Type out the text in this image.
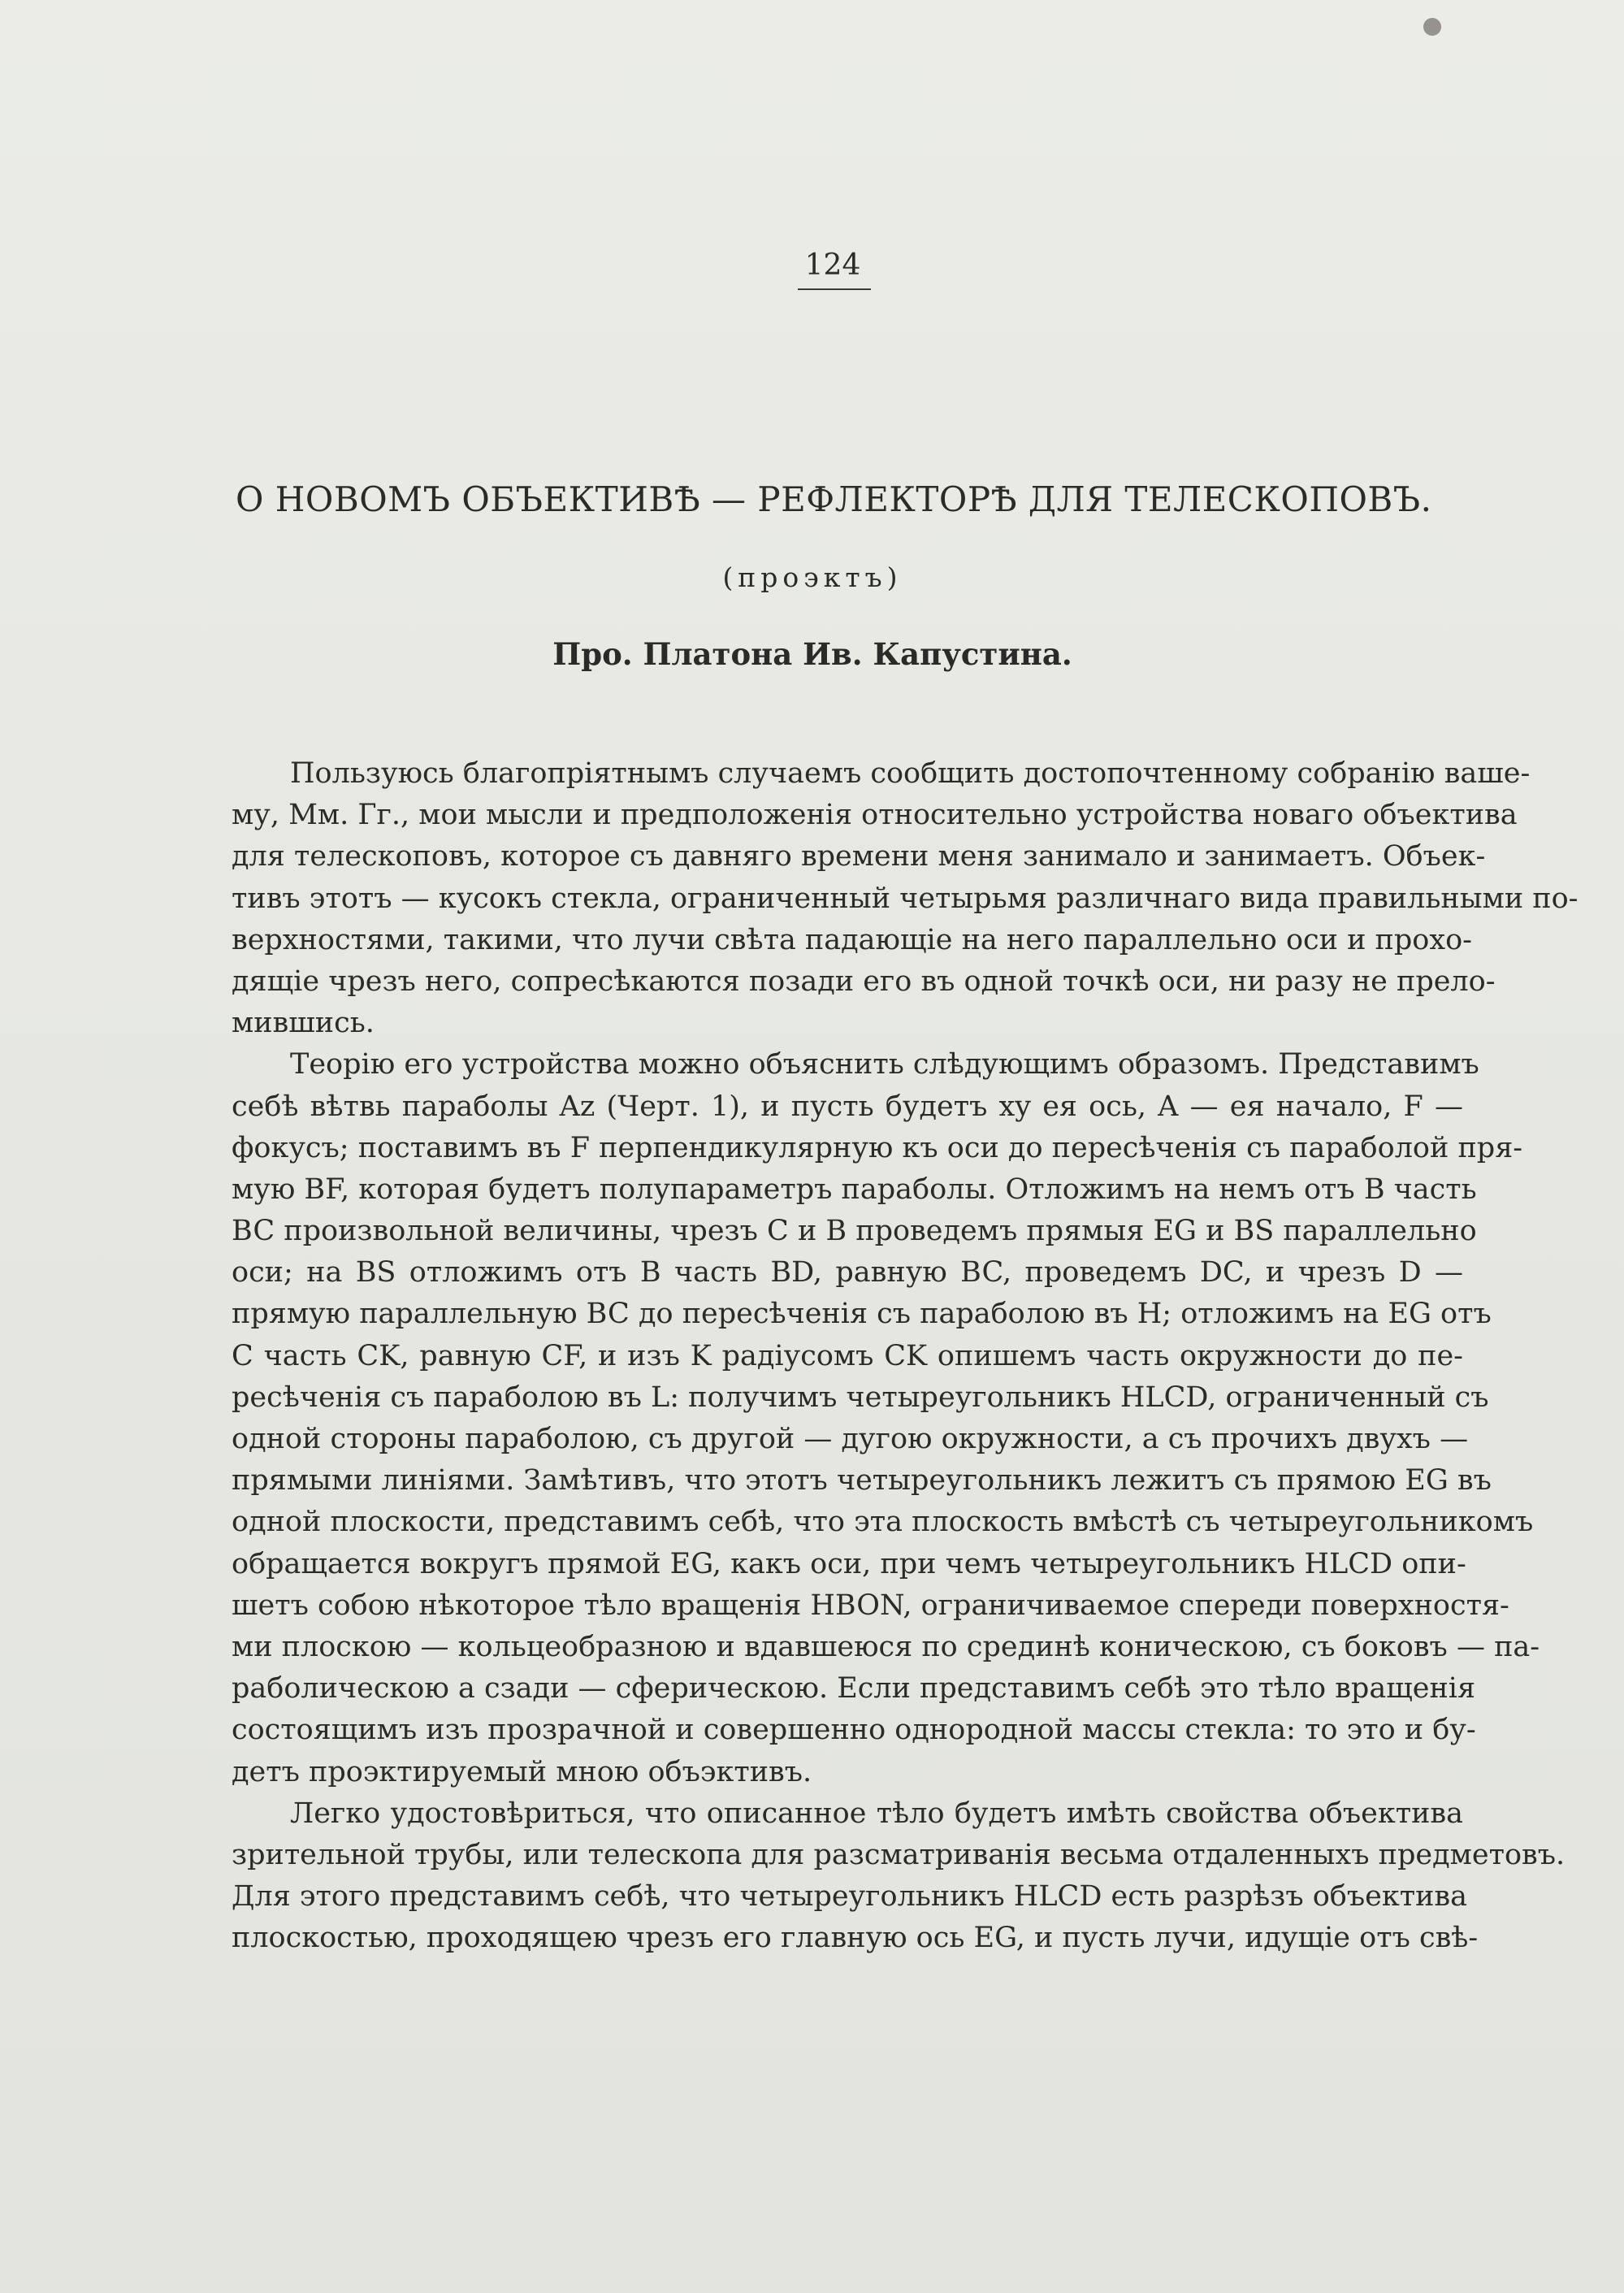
124
О НОВОМЪ ОБЪЕКТИВѢ — РЕФЛЕКТОРѢ ДЛЯ ТЕЛЕСКОПОВЪ.
(проэктъ)
Про. Платона Ив. Капустина.
Пользуюсь благопріятнымъ случаемъ сообщить достопочтенному собранію ваше-
му, Мм. Гг., мои мысли и предположенія относительно устройства новаго объектива
для телескоповъ, которое съ давняго времени меня занимало и занимаетъ. Объек-
тивъ этотъ — кусокъ стекла, ограниченный четырьмя различнаго вида правильными по-
верхностями, такими, что лучи свѣта падающіе на него параллельно оси и прохо-
дящіе чрезъ него, сопресѣкаются позади его въ одной точкѣ оси, ни разу не прело-
мившись.
Теорію его устройства можно объяснить слѣдующимъ образомъ. Представимъ
себѣ вѣтвь параболы Az (Черт. 1), и пусть будетъ xy ея ось, A — ея начало, F —
фокусъ; поставимъ въ F перпендикулярную къ оси до пересѣченія съ параболой пря-
мую BF, которая будетъ полупараметръ параболы. Отложимъ на немъ отъ B часть
BC произвольной величины, чрезъ C и B проведемъ прямыя EG и BS параллельно
оси; на BS отложимъ отъ B часть BD, равную BC, проведемъ DC, и чрезъ D —
прямую параллельную BC до пересѣченія съ параболою въ H; отложимъ на EG отъ
C часть CK, равную CF, и изъ K радіусомъ CK опишемъ часть окружности до пе-
ресѣченія съ параболою въ L: получимъ четыреугольникъ HLCD, ограниченный съ
одной стороны параболою, съ другой — дугою окружности, а съ прочихъ двухъ —
прямыми линіями. Замѣтивъ, что этотъ четыреугольникъ лежитъ съ прямою EG въ
одной плоскости, представимъ себѣ, что эта плоскость вмѣстѣ съ четыреугольникомъ
обращается вокругъ прямой EG, какъ оси, при чемъ четыреугольникъ HLCD опи-
шетъ собою нѣкоторое тѣло вращенія HBON, ограничиваемое спереди поверхностя-
ми плоскою — кольцеобразною и вдавшеюся по срединѣ коническою, съ боковъ — па-
раболическою а сзади — сферическою. Если представимъ себѣ это тѣло вращенія
состоящимъ изъ прозрачной и совершенно однородной массы стекла: то это и бу-
детъ проэктируемый мною объэктивъ.
Легко удостовѣриться, что описанное тѣло будетъ имѣть свойства объектива
зрительной трубы, или телескопа для разсматриванія весьма отдаленныхъ предметовъ.
Для этого представимъ себѣ, что четыреугольникъ HLCD есть разрѣзъ объектива
плоскостью, проходящею чрезъ его главную ось EG, и пусть лучи, идущіе отъ свѣ-
